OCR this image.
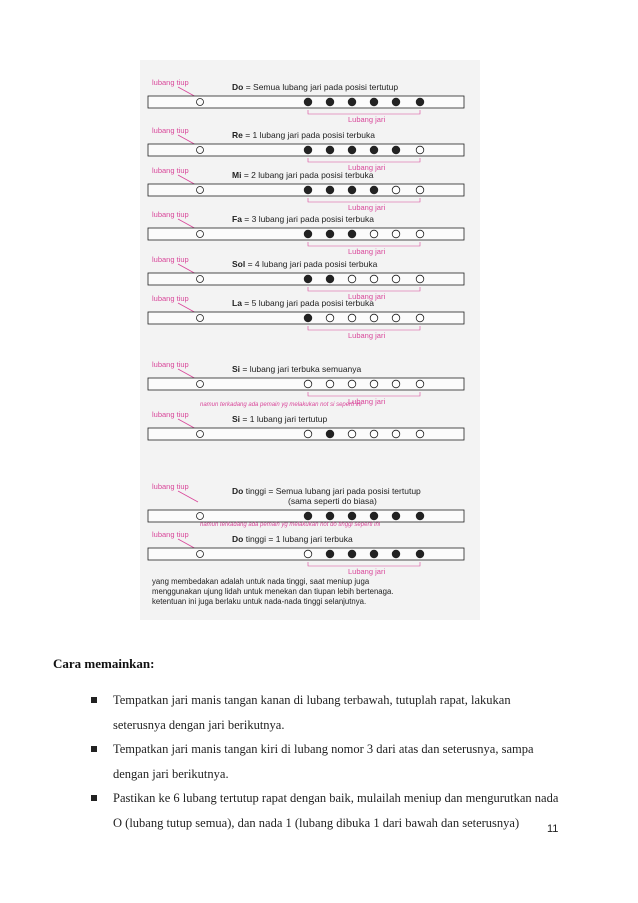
lubang tiup	Do = Semua lubang jari pada posisi tertutup
Lubang jari
lubang tiup	Re = 1 lubang jari pada posisi terbuka
Lubang jari
lubang tiup	Mi = 2 lubang jari pada posisi terbuka
Lubang jari
lubang tiup	Fa = 3 lubang jari pada posisi terbuka
Lubang jari
lubang tiup	Sol = 4 lubang jari pada posisi terbuka
Lubang jari
lubang tiup	La = 5 lubang jari pada posisi terbuka
Lubang jari
lubang tiup	Si = lubang jari terbuka semuanya
Lubang jari
namun terkadang ada pemain yg melakukan not si seperti ini
lubang tiup	Si = 1 lubang jari tertutup
lubang tiup	Do tinggi = Semua lubang jari pada posisi tertutup
(sama seperti do biasa)
namun terkadang ada pemain yg melakukan not do tinggi seperti ini
lubang tiup	Do tinggi = 1 lubang jari terbuka
Lubang jari
yang membedakan adalah untuk nada tinggi, saat meniup juga
menggunakan ujung lidah untuk menekan dan tiupan lebih bertenaga.
ketentuan ini juga berlaku untuk nada-nada tinggi selanjutnya.
Cara memainkan:
Tempatkan jari manis tangan kanan di lubang terbawah, tutuplah rapat, lakukan seterusnya dengan jari berikutnya.
Tempatkan jari manis tangan kiri di lubang nomor 3 dari atas dan seterusnya, sampa dengan jari berikutnya.
Pastikan ke 6 lubang tertutup rapat dengan baik, mulailah meniup dan mengurutkan nada O (lubang tutup semua), dan nada 1 (lubang dibuka 1 dari bawah dan seterusnya)	11
